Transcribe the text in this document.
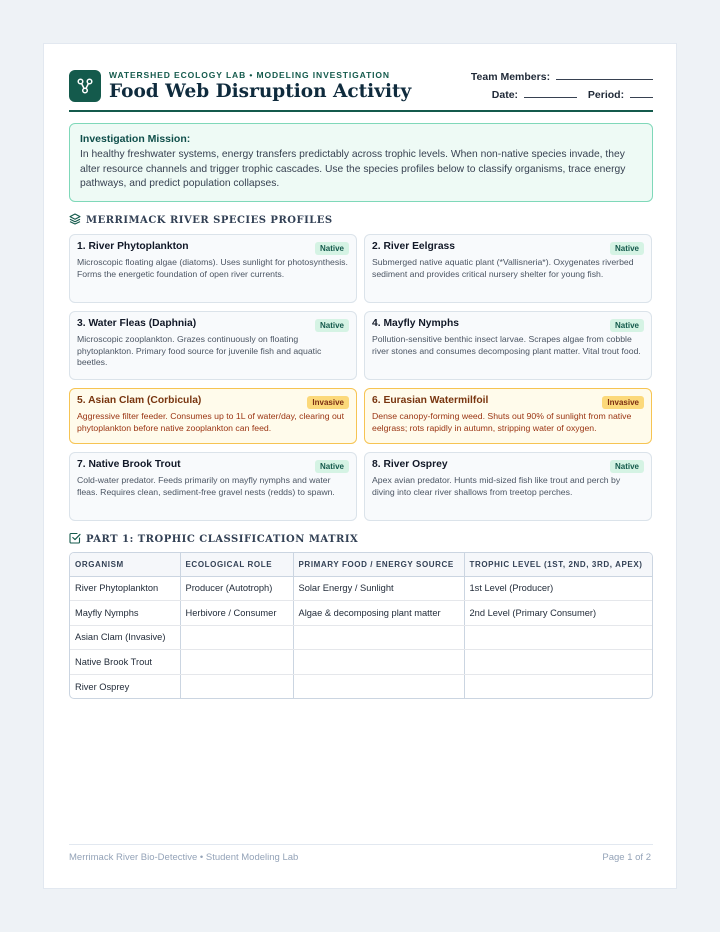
WATERSHED ECOLOGY LAB • MODELING INVESTIGATION
Food Web Disruption Activity
Team Members:
Date:	Period:
Investigation Mission:
In healthy freshwater systems, energy transfers predictably across trophic levels. When non-native species invade, they alter resource channels and trigger trophic cascades. Use the species profiles below to classify organisms, trace energy pathways, and predict population collapses.
MERRIMACK RIVER SPECIES PROFILES
1. River Phytoplankton	Native
Microscopic floating algae (diatoms). Uses sunlight for photosynthesis. Forms the energetic foundation of open river currents.
2. River Eelgrass	Native
Submerged native aquatic plant (*Vallisneria*). Oxygenates riverbed sediment and provides critical nursery shelter for young fish.
3. Water Fleas (Daphnia)	Native
Microscopic zooplankton. Grazes continuously on floating phytoplankton. Primary food source for juvenile fish and aquatic beetles.
4. Mayfly Nymphs	Native
Pollution-sensitive benthic insect larvae. Scrapes algae from cobble river stones and consumes decomposing plant matter. Vital trout food.
5. Asian Clam (Corbicula)	Invasive
Aggressive filter feeder. Consumes up to 1L of water/day, clearing out phytoplankton before native zooplankton can feed.
6. Eurasian Watermilfoil	Invasive
Dense canopy-forming weed. Shuts out 90% of sunlight from native eelgrass; rots rapidly in autumn, stripping water of oxygen.
7. Native Brook Trout	Native
Cold-water predator. Feeds primarily on mayfly nymphs and water fleas. Requires clean, sediment-free gravel nests (redds) to spawn.
8. River Osprey	Native
Apex avian predator. Hunts mid-sized fish like trout and perch by diving into clear river shallows from treetop perches.
PART 1: TROPHIC CLASSIFICATION MATRIX
ORGANISM	ECOLOGICAL ROLE	PRIMARY FOOD / ENERGY SOURCE	TROPHIC LEVEL (1ST, 2ND, 3RD, APEX)
River Phytoplankton	Producer (Autotroph)	Solar Energy / Sunlight	1st Level (Producer)
Mayfly Nymphs	Herbivore / Consumer	Algae & decomposing plant matter	2nd Level (Primary Consumer)
Asian Clam (Invasive)			
Native Brook Trout			
River Osprey			
Merrimack River Bio-Detective • Student Modeling Lab	Page 1 of 2
